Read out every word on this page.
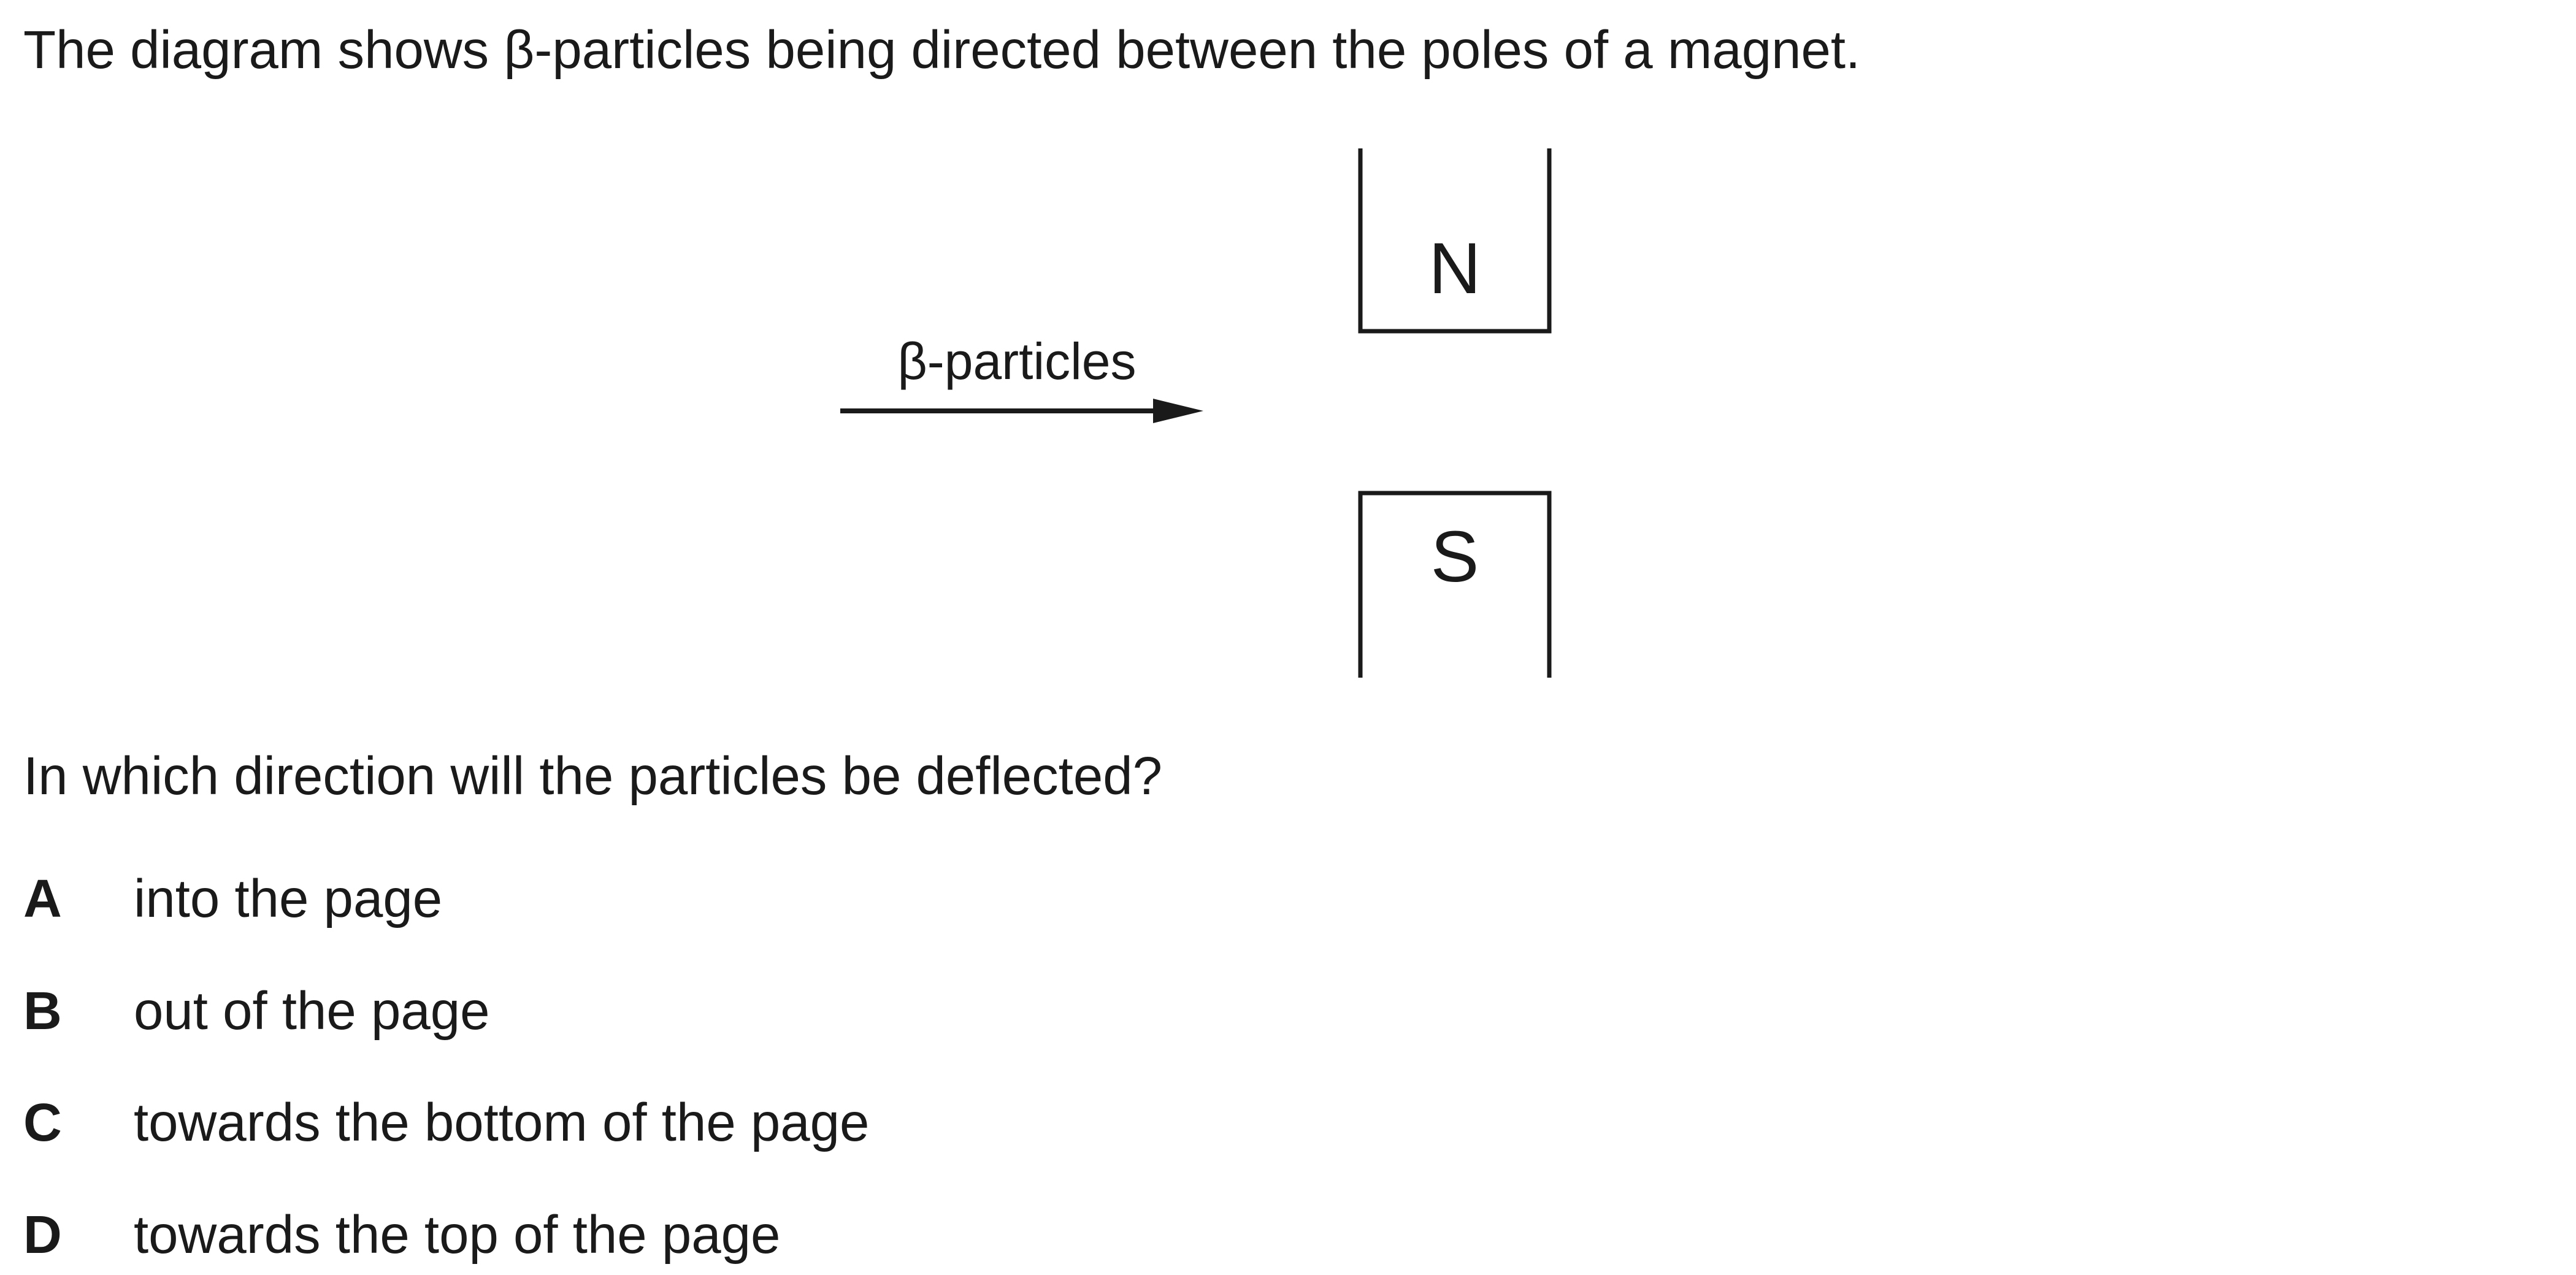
The diagram shows β-particles being directed between the poles of a magnet.
β-particles
N
S
In which direction will the particles be deflected?
A into the page
B out of the page
C towards the bottom of the page
D towards the top of the page
